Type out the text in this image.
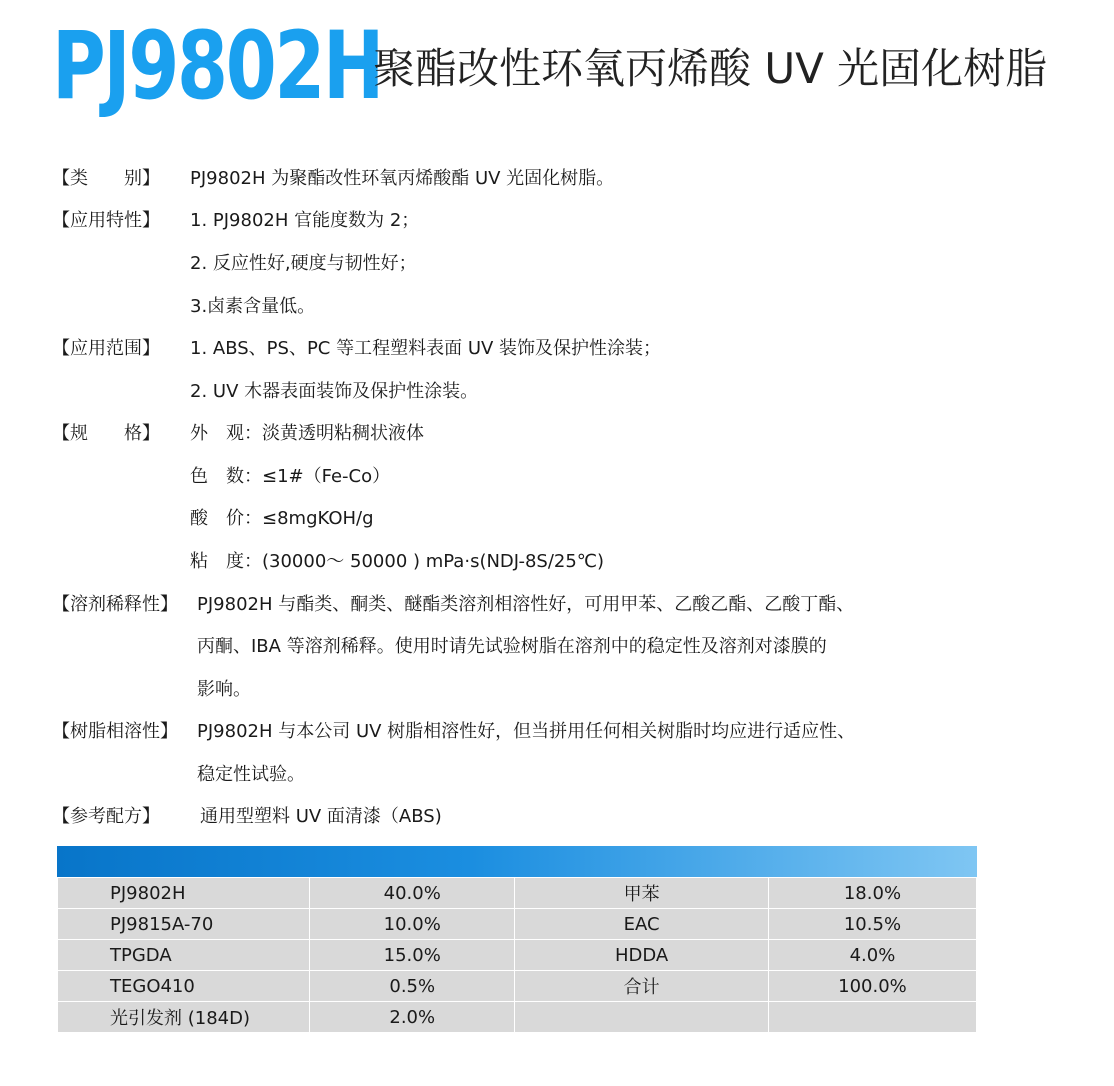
PJ9802H
聚酯改性环氧丙烯酸 UV 光固化树脂
【类　　别】 PJ9802H 为聚酯改性环氧丙烯酸酯 UV 光固化树脂。
【应用特性】 1. PJ9802H 官能度数为 2；
2. 反应性好,硬度与韧性好；
3.卤素含量低。
【应用范围】 1. ABS、PS、PC 等工程塑料表面 UV 装饰及保护性涂装；
2. UV 木器表面装饰及保护性涂装。
【规　　格】 外　观：淡黄透明粘稠状液体
色　数：≤1#（Fe-Co）
酸　价：≤8mgKOH/g
粘　度：(30000～ 50000 ) mPa·s(NDJ-8S/25℃)
【溶剂稀释性】 PJ9802H 与酯类、酮类、醚酯类溶剂相溶性好，可用甲苯、乙酸乙酯、乙酸丁酯、
丙酮、IBA 等溶剂稀释。使用时请先试验树脂在溶剂中的稳定性及溶剂对漆膜的
影响。
【树脂相溶性】 PJ9802H 与本公司 UV 树脂相溶性好，但当拼用任何相关树脂时均应进行适应性、
稳定性试验。
【参考配方】 通用型塑料 UV 面清漆（ABS)
PJ9802H	40.0%	甲苯	18.0%
PJ9815A-70	10.0%	EAC	10.5%
TPGDA	15.0%	HDDA	4.0%
TEGO410	0.5%	合计	100.0%
光引发剂 (184D)	2.0%		
